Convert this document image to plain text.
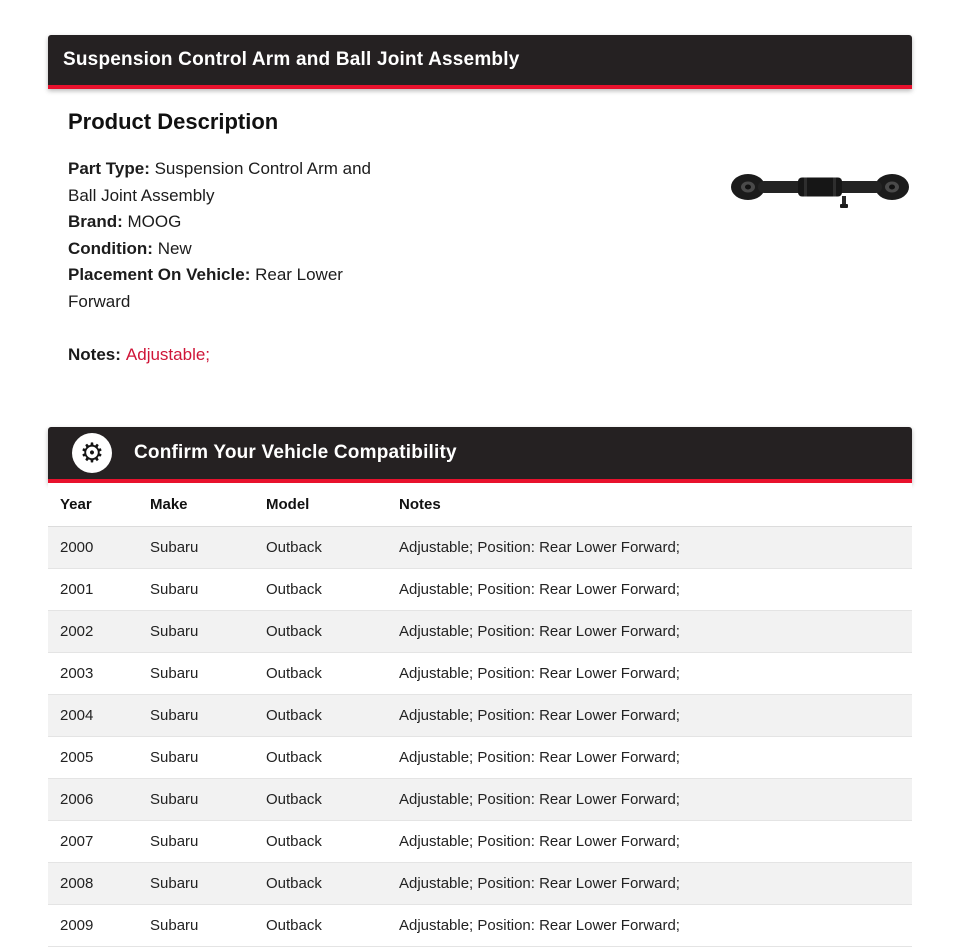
Suspension Control Arm and Ball Joint Assembly
Product Description
Part Type: Suspension Control Arm and Ball Joint Assembly
Brand: MOOG
Condition: New
Placement On Vehicle: Rear Lower Forward

Notes: Adjustable;

⚙ Confirm Your Vehicle Compatibility
Year	Make	Model	Notes
2000	Subaru	Outback	Adjustable; Position: Rear Lower Forward;
2001	Subaru	Outback	Adjustable; Position: Rear Lower Forward;
2002	Subaru	Outback	Adjustable; Position: Rear Lower Forward;
2003	Subaru	Outback	Adjustable; Position: Rear Lower Forward;
2004	Subaru	Outback	Adjustable; Position: Rear Lower Forward;
2005	Subaru	Outback	Adjustable; Position: Rear Lower Forward;
2006	Subaru	Outback	Adjustable; Position: Rear Lower Forward;
2007	Subaru	Outback	Adjustable; Position: Rear Lower Forward;
2008	Subaru	Outback	Adjustable; Position: Rear Lower Forward;
2009	Subaru	Outback	Adjustable; Position: Rear Lower Forward;
